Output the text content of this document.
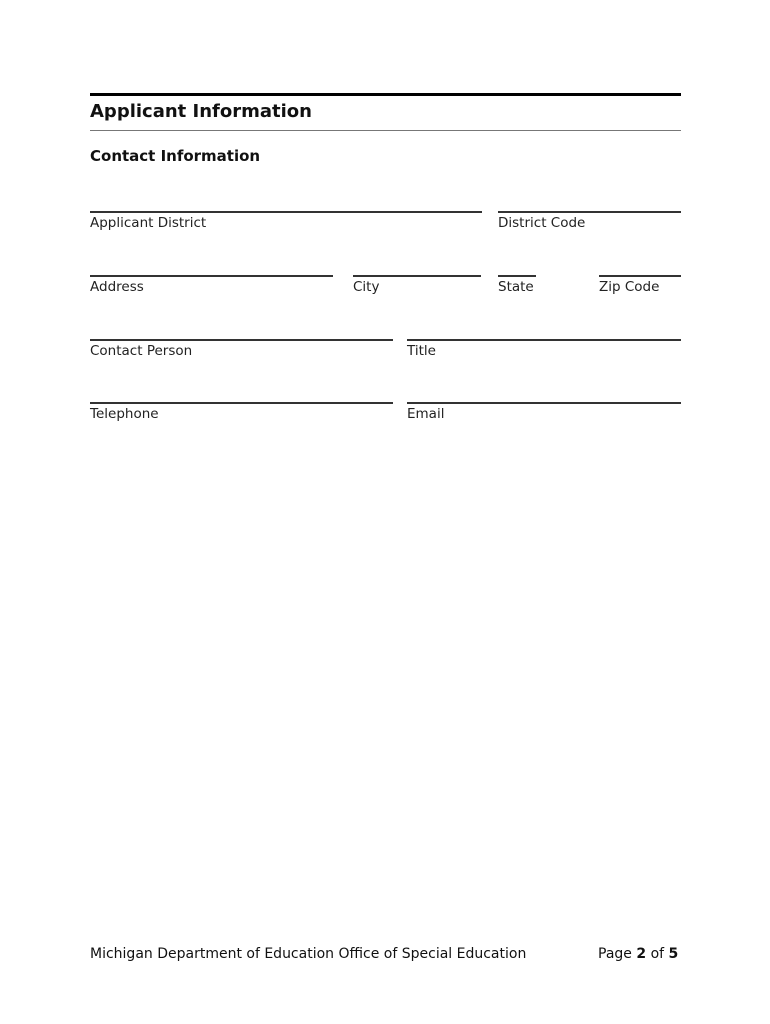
Applicant Information
Contact Information
Applicant District	District Code
Address	City	State	Zip Code
Contact Person	Title
Telephone	Email
Michigan Department of Education Office of Special Education	Page 2 of 5
